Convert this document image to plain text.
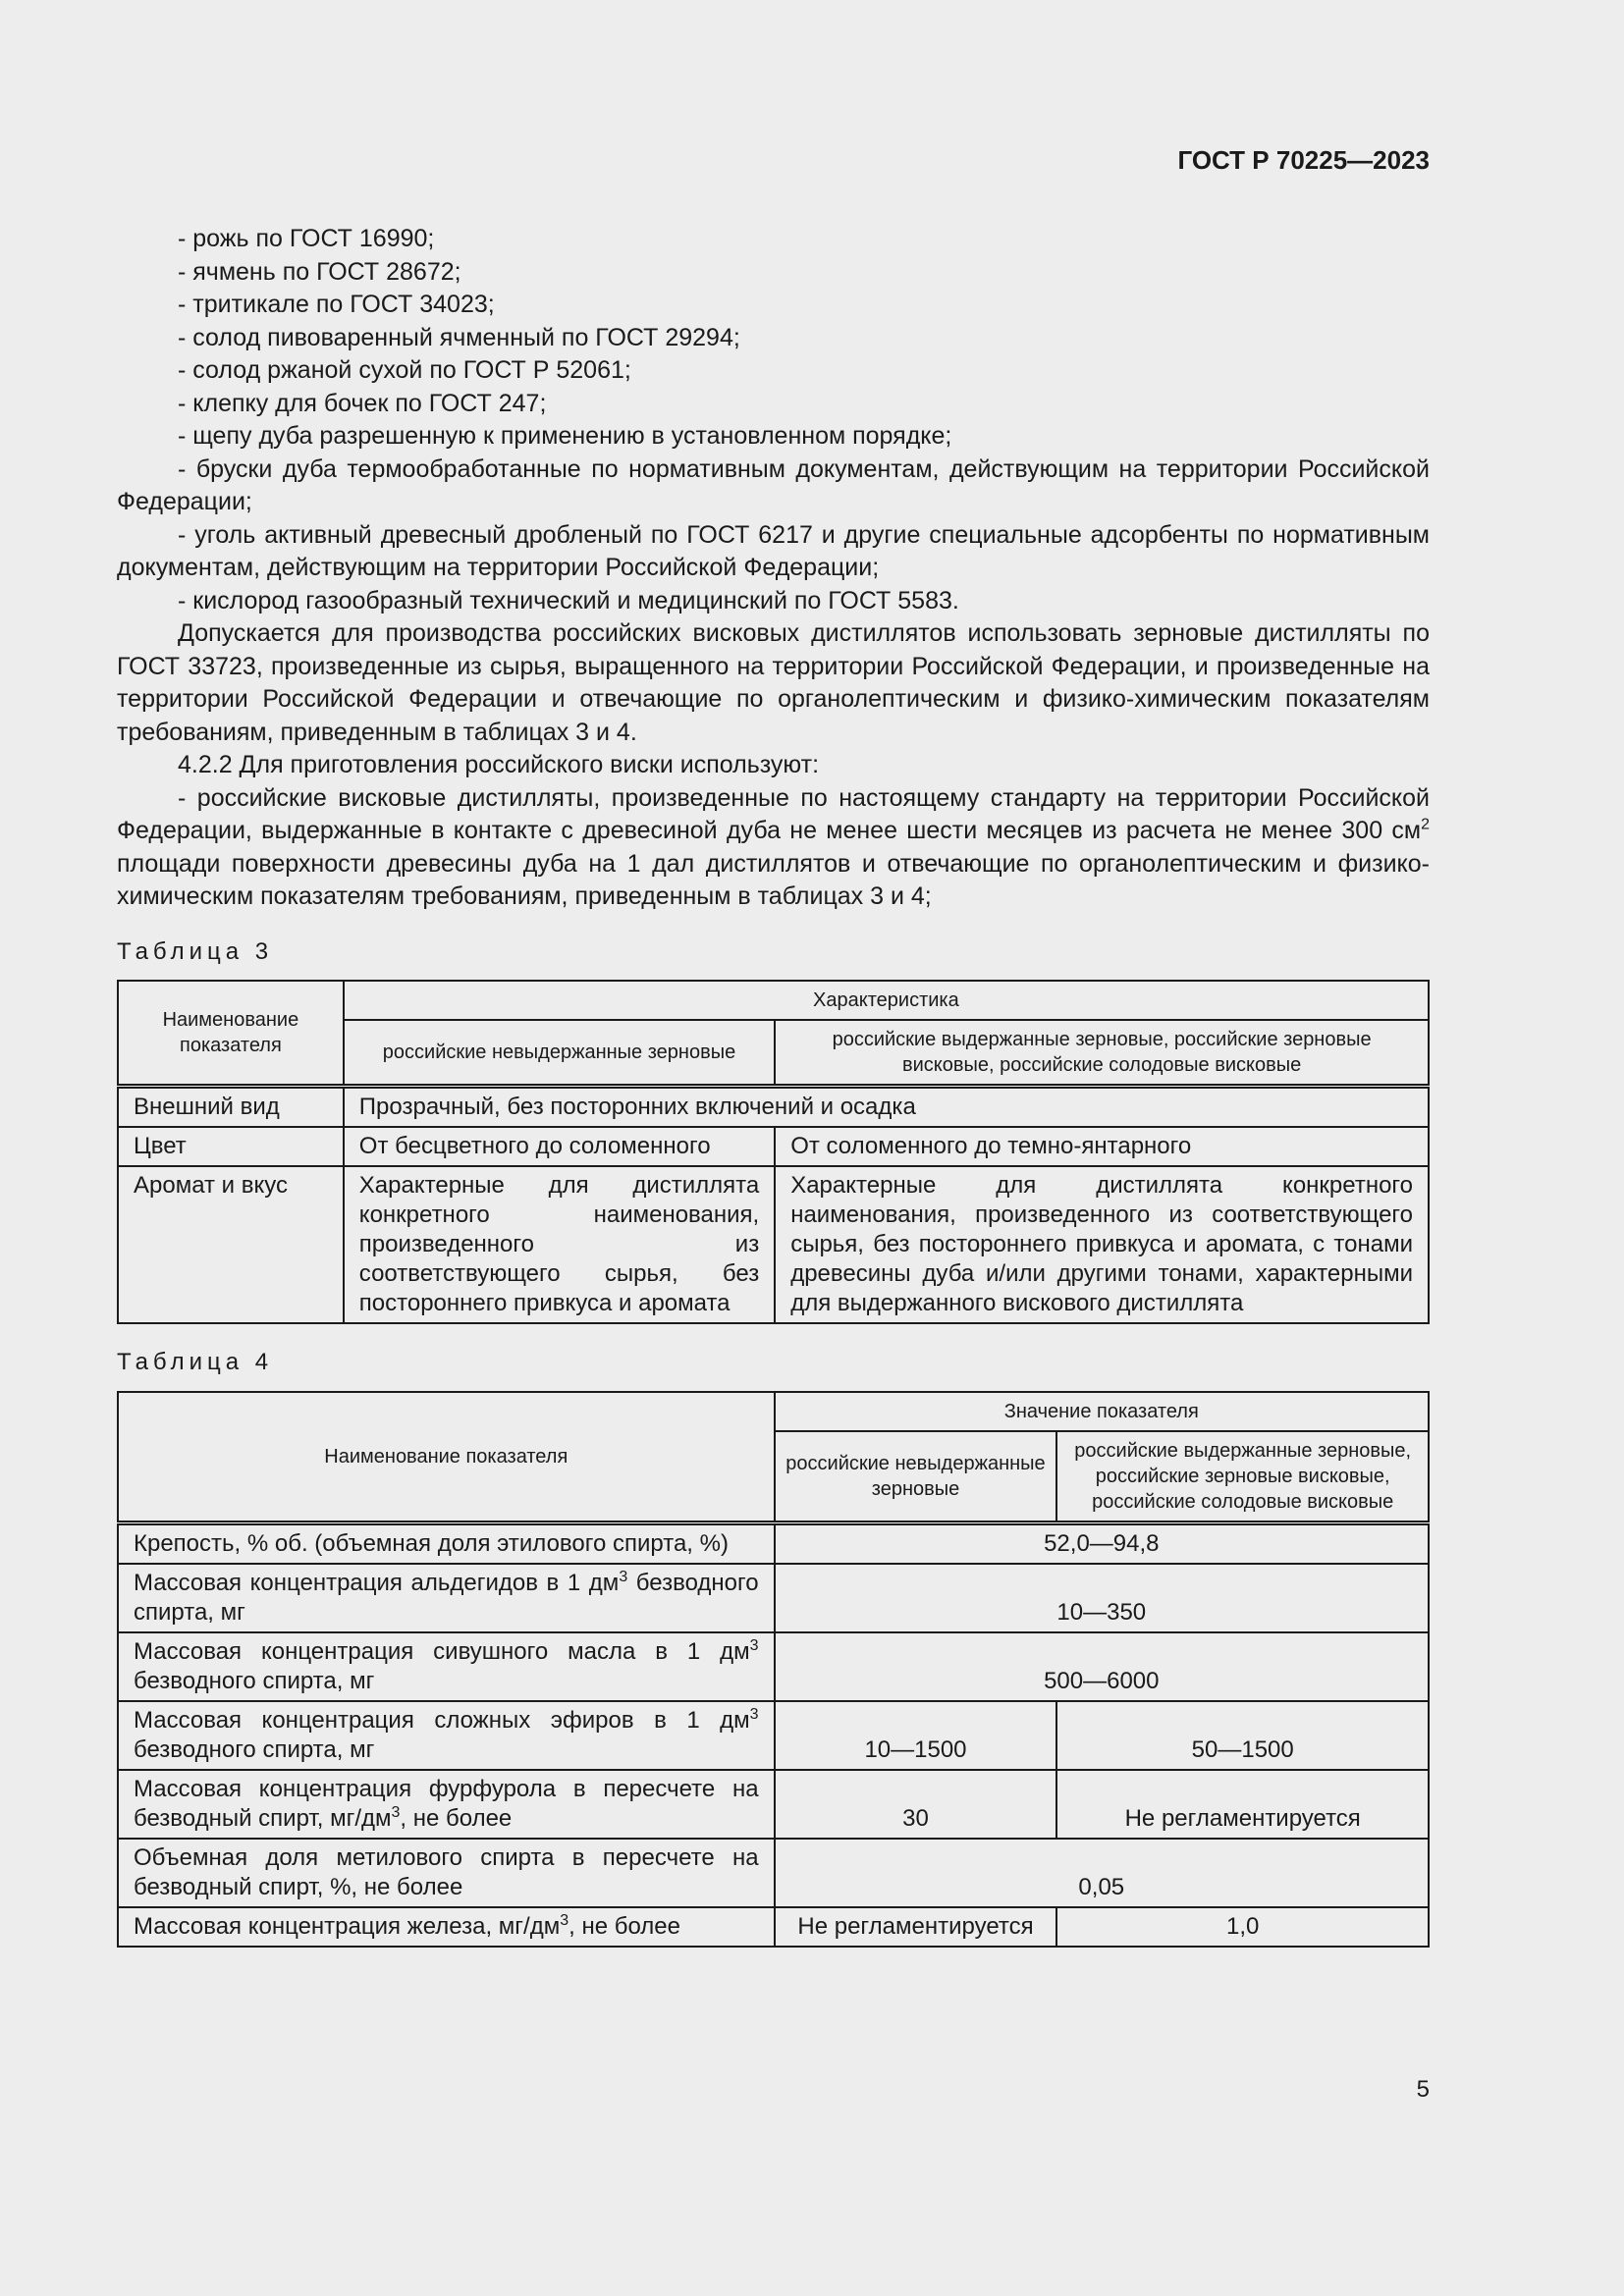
ГОСТ Р 70225—2023

- рожь по ГОСТ 16990;

- ячмень по ГОСТ 28672;

- тритикале по ГОСТ 34023;

- солод пивоваренный ячменный по ГОСТ 29294;

- солод ржаной сухой по ГОСТ Р 52061;

- клепку для бочек по ГОСТ 247;

- щепу дуба разрешенную к применению в установленном порядке;

- бруски дуба термообработанные по нормативным документам, действующим на территории Российской Федерации;

- уголь активный древесный дробленый по ГОСТ 6217 и другие специальные адсорбенты по нормативным документам, действующим на территории Российской Федерации;

- кислород газообразный технический и медицинский по ГОСТ 5583.

Допускается для производства российских висковых дистиллятов использовать зерновые дистилляты по ГОСТ 33723, произведенные из сырья, выращенного на территории Российской Федерации, и произведенные на территории Российской Федерации и отвечающие по органолептическим и физико-химическим показателям требованиям, приведенным в таблицах 3 и 4.

4.2.2 Для приготовления российского виски используют:

- российские висковые дистилляты, произведенные по настоящему стандарту на территории Российской Федерации, выдержанные в контакте с древесиной дуба не менее шести месяцев из расчета не менее 300 $см^2$ площади поверхности древесины дуба на 1 дал дистиллятов и отвечающие по органолептическим и физико-химическим показателям требованиям, приведенным в таблицах 3 и 4;

Таблица 3
Наименование показателя	Характеристика	
	российские невыдержанные зерновые	российские выдержанные зерновые, российские зерновые висковые, российские солодовые висковые
Внешний вид	Прозрачный, без посторонних включений и осадка	
Цвет	От бесцветного до соломенного	От соломенного до темно-янтарного
Аромат и вкус	Характерные для дистиллята конкретного наименования, произведенного из соответствующего сырья, без постороннего привкуса и аромата	Характерные для дистиллята конкретного наименования, произведенного из соответствующего сырья, без постороннего привкуса и аромата, с тонами древесины дуба и/или другими тонами, характерными для выдержанного вискового дистиллята
Таблица 4
Наименование показателя	Значение показателя	
	российские невыдержанные зерновые	российские выдержанные зерновые, российские зерновые висковые, российские солодовые висковые
Крепость, % об. (объемная доля этилового спирта, %)	52,0—94,8	
Массовая концентрация альдегидов в 1 $дм^3$ безводного спирта, мг	10—350	
Массовая концентрация сивушного масла в 1 $дм^3$ безводного спирта, мг	500—6000	
Массовая концентрация сложных эфиров в 1 $дм^3$ безводного спирта, мг	10—1500	50—1500
Массовая концентрация фурфурола в пересчете на безводный спирт, $мг/дм^3$, не более	30	Не регламентируется
Объемная доля метилового спирта в пересчете на безводный спирт, %, не более	0,05	
Массовая концентрация железа, $мг/дм^3$, не более	Не регламентируется	1,0
5
